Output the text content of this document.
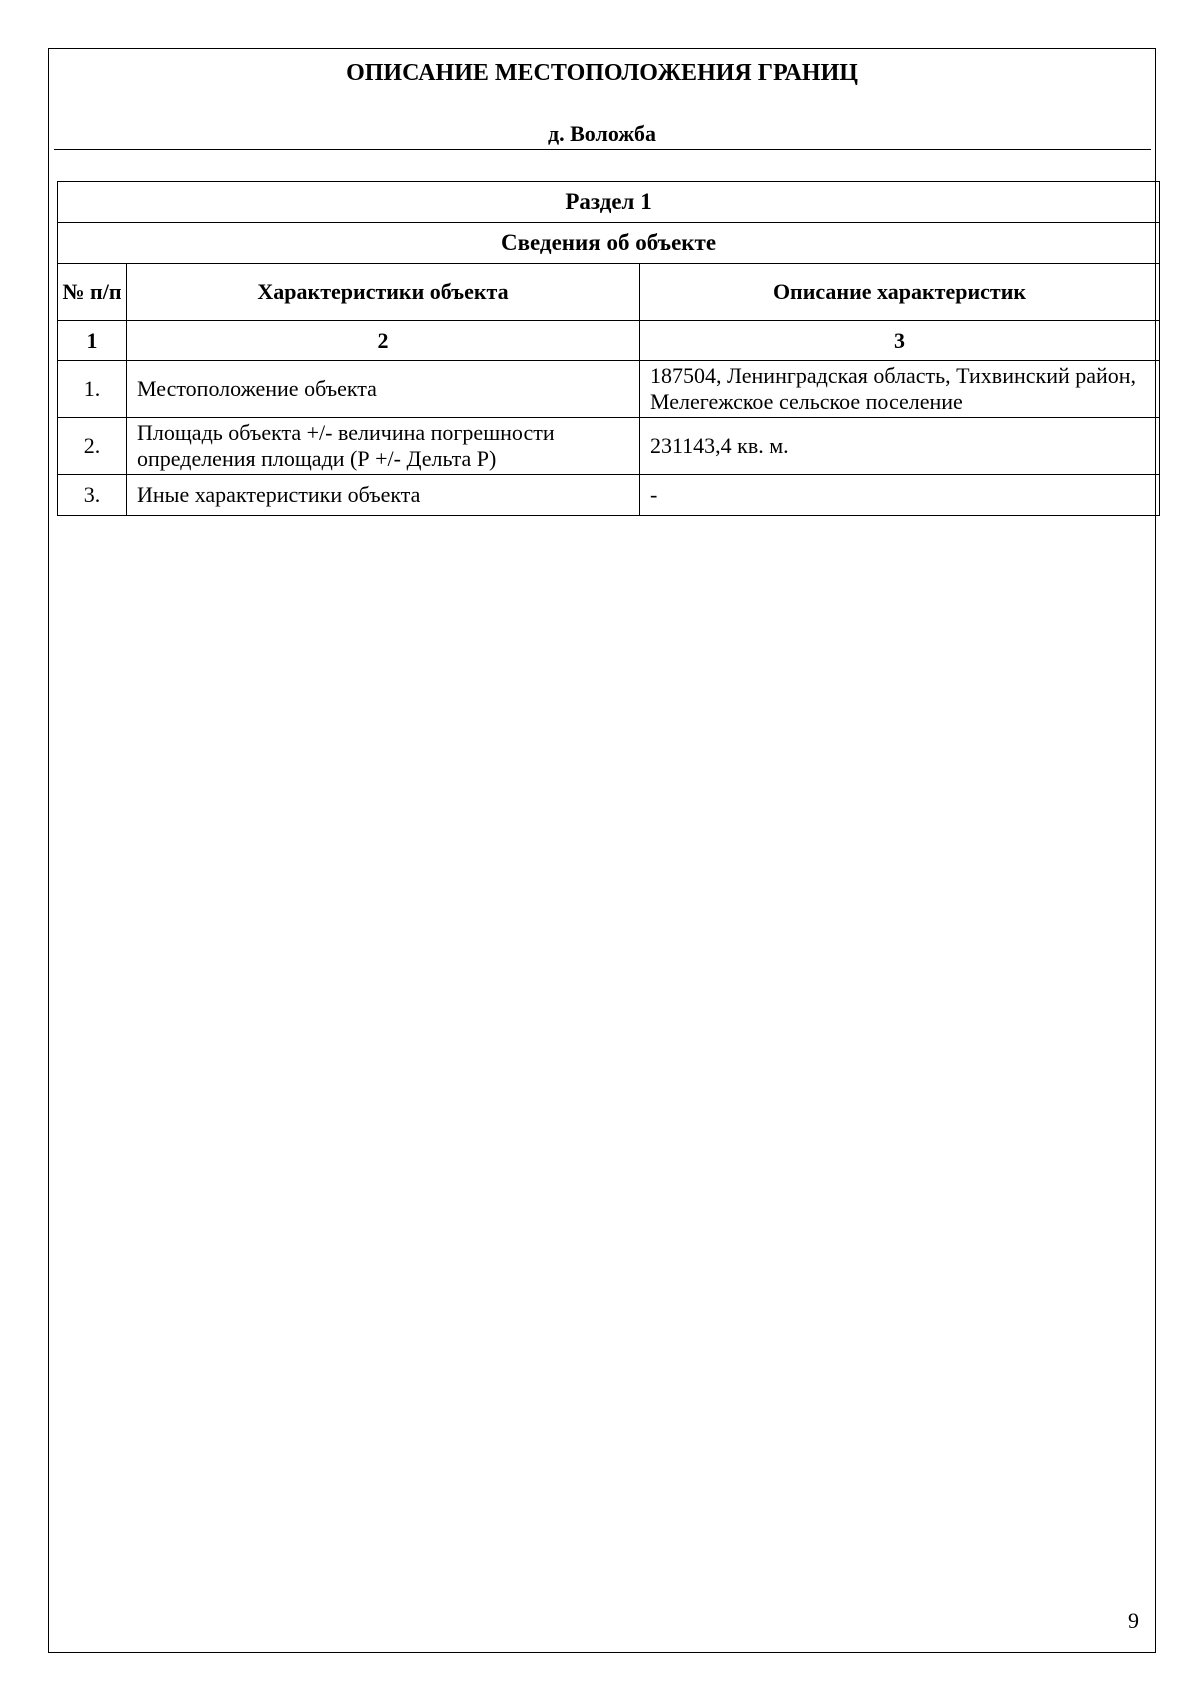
ОПИСАНИЕ МЕСТОПОЛОЖЕНИЯ ГРАНИЦ
д. Воложба
Раздел 1		
Сведения об объекте		
№ п/п	Характеристики объекта	Описание характеристик
1	2	3
1.	Местоположение объекта	187504, Ленинградская область, Тихвинский район, Мелегежское сельское поселение
2.	Площадь объекта +/- величина погрешности определения площади (Р +/- Дельта Р)	231143,4 кв. м.
3.	Иные характеристики объекта	-
9
